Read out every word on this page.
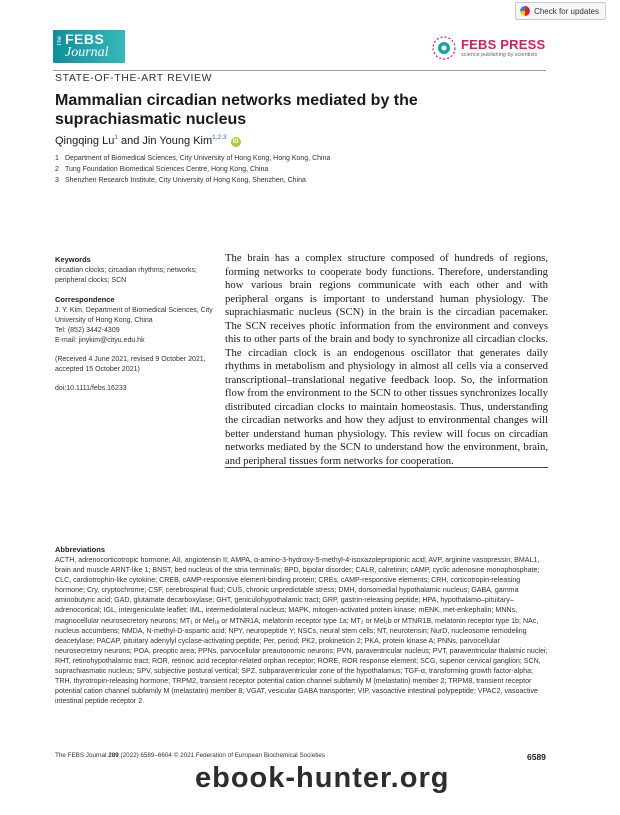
Check for updates
The FEBS
Journal
FEBS PRESS
science publishing by scientists
STATE-OF-THE-ART REVIEW
Mammalian circadian networks mediated by the suprachiasmatic nucleus
Qingqing Lu$^1$ and Jin Young Kim$^{1,2,3}$
iD
1 Department of Biomedical Sciences, City University of Hong Kong, Hong Kong, China
2 Tung Foundation Biomedical Sciences Centre, Hong Kong, China
3 Shenzhen Research Institute, City University of Hong Kong, Shenzhen, China
Keywords

circadian clocks; circadian rhythms; networks; peripheral clocks; SCN

Correspondence

J. Y. Kim, Department of Biomedical Sciences, City University of Hong Kong, China

Tel: (852) 3442-4309

E-mail: jinykim@cityu.edu.hk

(Received 4 June 2021, revised 9 October 2021, accepted 15 October 2021)

doi:10.1111/febs.16233

The brain has a complex structure composed of hundreds of regions, forming networks to cooperate body functions. Therefore, understanding how various brain regions communicate with each other and with peripheral organs is important to understand human physiology. The suprachiasmatic nucleus (SCN) in the brain is the circadian pacemaker. The SCN receives photic information from the environment and conveys this to other parts of the brain and body to synchronize all circadian clocks. The circadian clock is an endogenous oscillator that generates daily rhythms in metabolism and physiology in almost all cells via a conserved transcriptional–translational negative feedback loop. So, the information flow from the environment to the SCN to other tissues synchronizes locally distributed circadian clocks to maintain homeostasis. Thus, understanding the circadian networks and how they adjust to environmental changes will better understand human physiology. This review will focus on circadian networks mediated by the SCN to understand how the environment, brain, and peripheral tissues form networks for cooperation.

Abbreviations

ACTH, adrenocorticotropic hormone; AII, angiotensin II; AMPA, α-amino-3-hydroxy-5-methyl-4-isoxazolepropionic acid; AVP, arginine vasopressin; BMAL1, brain and muscle ARNT-like 1; BNST, bed nucleus of the stria terminalis; BPD, bipolar disorder; CALR, calretinin; cAMP, cyclic adenosine monophosphate; CLC, cardiotrophin-like cytokine; CREB, cAMP-responsive element-binding protein; CREs, cAMP-responsive elements; CRH, corticotropin-releasing hormone; Cry, cryptochrome; CSF, cerebrospinal fluid; CUS, chronic unpredictable stress; DMH, dorsomedial hypothalamic nucleus; GABA, gamma aminobutyric acid; GAD, glutamate decarboxylase; GHT, geniculohypothalamic tract; GRP, gastrin-releasing peptide; HPA, hypothalamo–pituitary–adrenocortical; IGL, intergeniculate leaflet; IML, intermediolateral nucleus; MAPK, mitogen-activated protein kinase; mENK, met-enkephalin; MNNs, magnocellular neurosecretory neurons; MT₁ or Mel₁ₐ or MTNR1A, melatonin receptor type 1a; MT₂ or Mel₁b or MTNR1B, melatonin receptor type 1b; NAc, nucleus accumbens; NMDA, N-methyl-D-aspartic acid; NPY, neuropeptide Y; NSCs, neural stem cells; NT, neurotensin; NurD, nucleosome remodeling deacetylase; PACAP, pituitary adenylyl cyclase-activating peptide; Per, period; PK2, prokineticin 2; PKA, protein kinase A; PNNs, parvocellular neurosecretory neurons; POA, preoptic area; PPNs, parvocellular preautonomic neurons; PVN, paraventricular nucleus; PVT, paraventricular thalamic nuclei; RHT, retinohypothalamic tract; ROR, retinoic acid receptor-related orphan receptor; RORE, ROR response element; SCG, superior cervical ganglion; SCN, suprachiasmatic nucleus; SPV, subjective postural vertical; SPZ, subparaventricular zone of the hypothalamus; TGF-α, transforming growth factor-alpha; TRH, thyrotropin-releasing hormone; TRPM2, transient receptor potential cation channel subfamily M (melastatin) member 2; TRPM8, transient receptor potential cation channel subfamily M (melastatin) member 8; VGAT, vesicular GABA transporter; VIP, vasoactive intestinal polypeptide; VPAC2, vasoactive intestinal peptide receptor 2.

The FEBS Journal 289 (2022) 6589–6604 © 2021 Federation of European Biochemical Societies	6589
ebook-hunter.org
